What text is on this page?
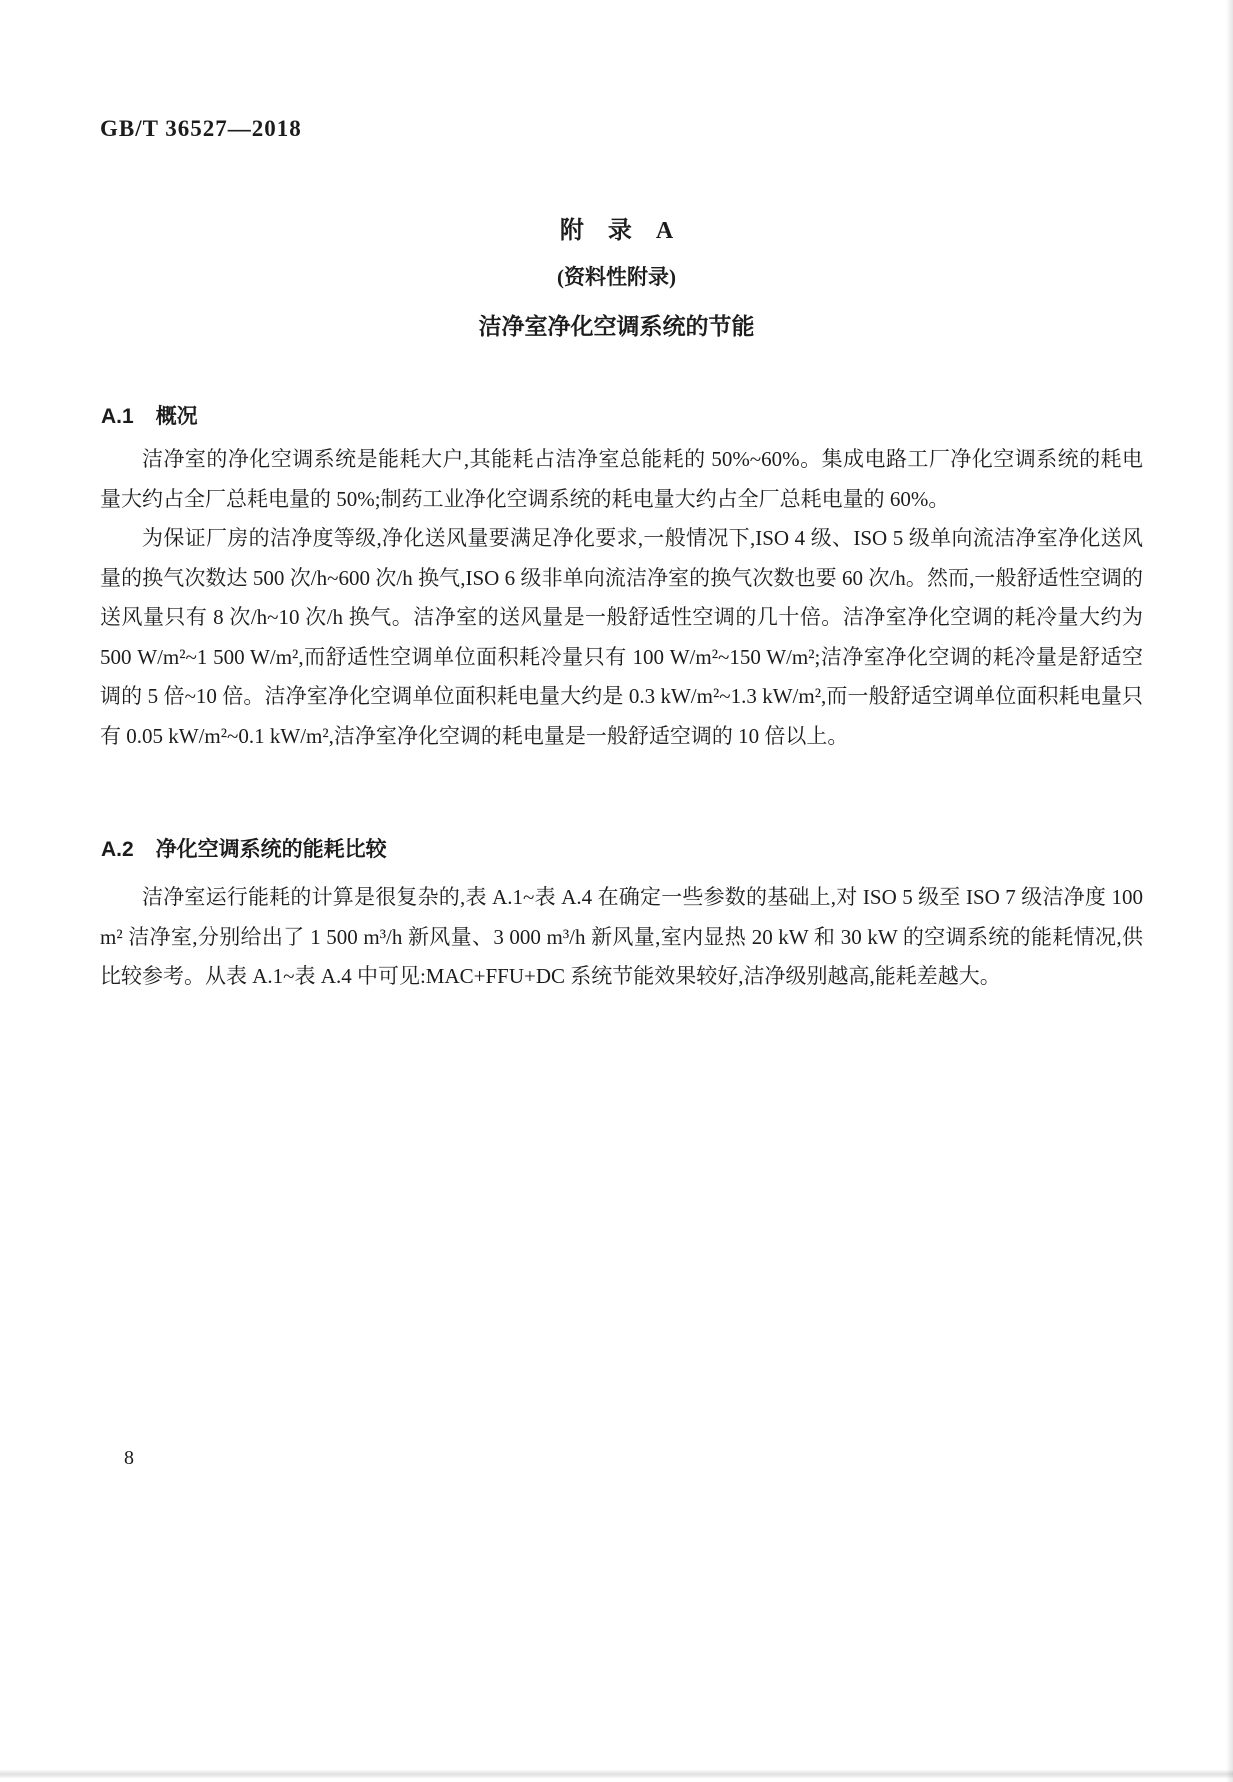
GB/T 36527—2018
附　录　A
(资料性附录)
洁净室净化空调系统的节能
A.1 概况

洁净室的净化空调系统是能耗大户,其能耗占洁净室总能耗的 50%~60%。集成电路工厂净化空调系统的耗电量大约占全厂总耗电量的 50%;制药工业净化空调系统的耗电量大约占全厂总耗电量的 60%。

为保证厂房的洁净度等级,净化送风量要满足净化要求,一般情况下,ISO 4 级、ISO 5 级单向流洁净室净化送风量的换气次数达 500 次/h~600 次/h 换气,ISO 6 级非单向流洁净室的换气次数也要 60 次/h。然而,一般舒适性空调的送风量只有 8 次/h~10 次/h 换气。洁净室的送风量是一般舒适性空调的几十倍。洁净室净化空调的耗冷量大约为 500 W/m²~1 500 W/m²,而舒适性空调单位面积耗冷量只有 100 W/m²~150 W/m²;洁净室净化空调的耗冷量是舒适空调的 5 倍~10 倍。洁净室净化空调单位面积耗电量大约是 0.3 kW/m²~1.3 kW/m²,而一般舒适空调单位面积耗电量只有 0.05 kW/m²~0.1 kW/m²,洁净室净化空调的耗电量是一般舒适空调的 10 倍以上。

A.2 净化空调系统的能耗比较

洁净室运行能耗的计算是很复杂的,表 A.1~表 A.4 在确定一些参数的基础上,对 ISO 5 级至 ISO 7 级洁净度 100 m² 洁净室,分别给出了 1 500 m³/h 新风量、3 000 m³/h 新风量,室内显热 20 kW 和 30 kW 的空调系统的能耗情况,供比较参考。从表 A.1~表 A.4 中可见:MAC+FFU+DC 系统节能效果较好,洁净级别越高,能耗差越大。

8
